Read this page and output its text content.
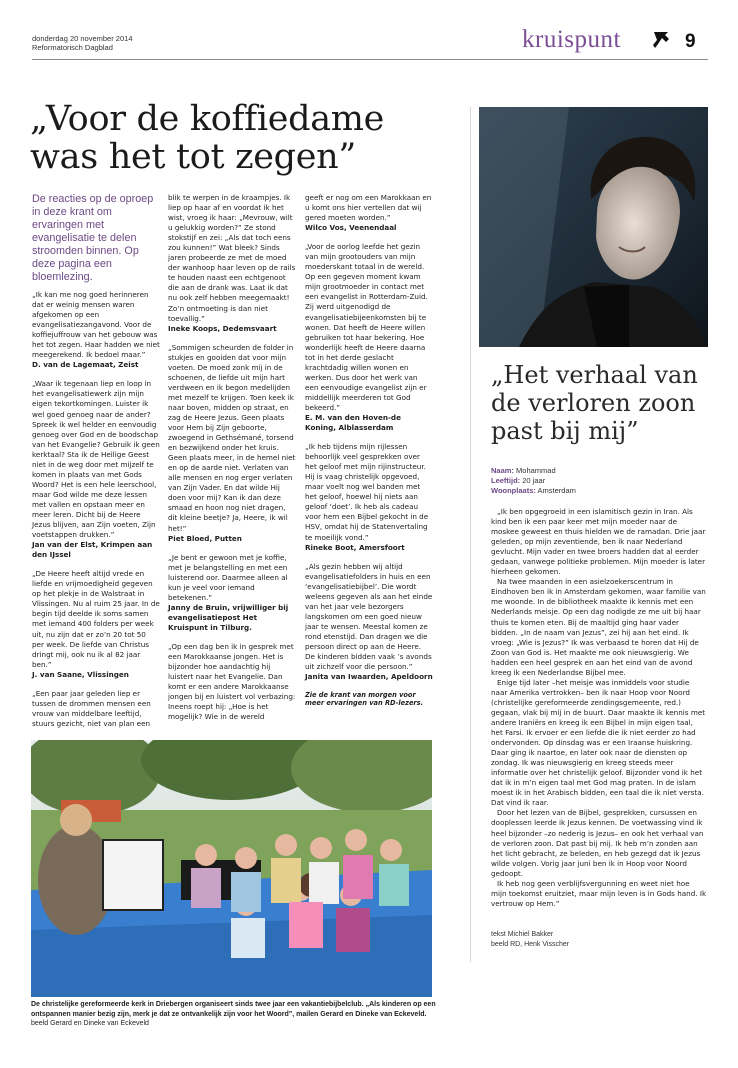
donderdag 20 november 2014
Reformatorisch Dagblad	kruispunt	9
„Voor de koffiedame was het tot zegen”
De reacties op de oproep in deze krant om ervaringen met evangelisatie te delen stroomden binnen. Op deze pagina een bloemlezing.

„Ik kan me nog goed herinneren dat er weinig mensen waren afgekomen op een evangelisatiezangavond. Voor de koffiejuffrouw van het gebouw was het tot zegen. Haar hadden we niet meegerekend. Ik bedoel maar.”
D. van de Lagemaat, Zeist

„Waar ik tegenaan liep en loop in het evangelisatiewerk zijn mijn eigen tekortkomingen. Luister ik wel goed genoeg naar de ander? Spreek ik wel helder en eenvoudig genoeg over God en de boodschap van het Evangelie? Gebruik ik geen kerktaal? Sta ik de Heilige Geest niet in de weg door met mijzelf te komen in plaats van met Gods Woord? Het is een hele leerschool, maar God wilde me deze lessen met vallen en opstaan meer en meer leren. Dicht bij de Heere Jezus blijven, aan Zijn voeten, Zijn voetstappen drukken.”
Jan van der Elst, Krimpen aan den IJssel

„De Heere heeft altijd vrede en liefde en vrijmoedigheid gegeven op het plekje in de Walstraat in Vlissingen. Nu al ruim 25 jaar. In de begin tijd deelde ik soms samen met iemand 400 folders per week uit, nu zijn dat er zo’n 20 tot 50 per week. De liefde van Christus dringt mij, ook nu ik al 82 jaar ben.”
J. van Saane, Vlissingen

„Een paar jaar geleden liep er tussen de drommen mensen een vrouw van middelbare leeftijd, stuurs gezicht, niet van plan een

blik te werpen in de kraampjes. Ik liep op haar af en voordat ik het wist, vroeg ik haar: „Mevrouw, wilt u gelukkig worden?” Ze stond stokstijf en zei: „Als dat toch eens zou kunnen!” Wat bleek? Sinds jaren probeerde ze met de moed der wanhoop haar leven op de rails te houden naast een echtgenoot die aan de drank was. Laat ik dat nu ook zelf hebben meegemaakt! Zo’n ontmoeting is dan niet toevallig.”
Ineke Koops, Dedemsvaart

„Sommigen scheurden de folder in stukjes en gooiden dat voor mijn voeten. De moed zonk mij in de schoenen, de liefde uit mijn hart verdween en ik begon medelijden met mezelf te krijgen. Toen keek ik naar boven, midden op straat, en zag de Heere Jezus. Geen plaats voor Hem bij Zijn geboorte, zwoegend in Gethsémané, torsend en bezwijkend onder het kruis. Geen plaats meer, in de hemel niet en op de aarde niet. Verlaten van alle mensen en nog erger verlaten van Zijn Vader. En dat wilde Hij doen voor mij? Kan ik dan deze smaad en hoon nog niet dragen, dit kleine beetje? Ja, Heere, ik wil het!”
Piet Bloed, Putten

„Je bent er gewoon met je koffie, met je belangstelling en met een luisterend oor. Daarmee alleen al kun je veel voor iemand betekenen.”
Janny de Bruin, vrijwilliger bij evangelisatiepost Het Kruispunt in Tilburg.

„Op een dag ben ik in gesprek met een Marokkaanse jongen. Het is bijzonder hoe aandachtig hij luistert naar het Evangelie. Dan komt er een andere Marokkaanse jongen bij en luistert vol verbazing: Ineens roept hij: „Hoe is het mogelijk? Wie in de wereld

geeft er nog om een Marokkaan en u komt ons hier vertellen dat wij gered moeten worden.”
Wilco Vos, Veenendaal

„Voor de oorlog leefde het gezin van mijn grootouders van mijn moederskant totaal in de wereld. Op een gegeven moment kwam mijn grootmoeder in contact met een evangelist in Rotterdam-Zuid. Zij werd uitgenodigd de evangelisatiebijeenkomsten bij te wonen. Dat heeft de Heere willen gebruiken tot haar bekering. Hoe wonderlijk heeft de Heere daarna tot in het derde geslacht krachtdadig willen wonen en werken. Dus door het werk van een eenvoudige evangelist zijn er middellijk meerderen tot God bekeerd.”
E. M. van den Hoven-de Koning, Alblasserdam

„Ik heb tijdens mijn rijlessen behoorlijk veel gesprekken over het geloof met mijn rijinstructeur. Hij is vaag christelijk opgevoed, maar voelt nog wel banden met het geloof, hoewel hij niets aan geloof ‘doet’. Ik heb als cadeau voor hem een Bijbel gekocht in de HSV, omdat hij de Statenvertaling te moeilijk vond.”
Rineke Boot, Amersfoort

„Als gezin hebben wij altijd evangelisatiefolders in huis en een ‘evangelisatiebijbel’. Die wordt weleens gegeven als aan het einde van het jaar vele bezorgers langskomen om een goed nieuw jaar te wensen. Meestal komen ze rond etenstijd. Dan dragen we die persoon direct op aan de Heere. De kinderen bidden vaak ’s avonds uit zichzelf voor die persoon.”
Janita van Iwaarden, Apeldoorn

Zie de krant van morgen voor meer ervaringen van RD-lezers.
„Het verhaal van de verloren zoon past bij mij”
Naam: Mohammad
Leeftijd: 20 jaar
Woonplaats: Amsterdam

„Ik ben opgegroeid in een islamitisch gezin in Iran. Als kind ben ik een paar keer met mijn moeder naar de moskee geweest en thuis hielden we de ramadan. Drie jaar geleden, op mijn zeventiende, ben ik naar Nederland gevlucht. Mijn vader en twee broers hadden dat al eerder gedaan, vanwege politieke problemen. Mijn moeder is later hierheen gekomen.

Na twee maanden in een asielzoekerscentrum in Eindhoven ben ik in Amsterdam gekomen, waar familie van me woonde. In de bibliotheek maakte ik kennis met een Nederlands meisje. Op een dag nodigde ze me uit bij haar thuis te komen eten. Bij de maaltijd ging haar vader bidden. „In de naam van Jezus”, zei hij aan het eind. Ik vroeg: „Wie is Jezus?” Ik was verbaasd te horen dat Hij de Zoon van God is. Het maakte me ook nieuwsgierig. We hadden een heel gesprek en aan het eind van de avond kreeg ik een Nederlandse Bijbel mee.

Enige tijd later –het meisje was inmiddels voor studie naar Amerika vertrokken– ben ik naar Hoop voor Noord (christelijke gereformeerde zendingsgemeente, red.) gegaan, vlak bij mij in de buurt. Daar maakte ik kennis met andere Iraniërs en kreeg ik een Bijbel in mijn eigen taal, het Farsi. Ik ervoer er een liefde die ik niet eerder zo had ondervonden. Op dinsdag was er een Iraanse huiskring. Daar ging ik naartoe, en later ook naar de diensten op zondag. Ik was nieuwsgierig en kreeg steeds meer informatie over het christelijk geloof. Bijzonder vond ik het dat ik in m’n eigen taal met God mag praten. In de islam moest ik in het Arabisch bidden, een taal die ik niet versta. Dat vind ik raar.

Door het lezen van de Bijbel, gesprekken, cursussen en dooplessen leerde ik Jezus kennen. De voetwassing vind ik heel bijzonder –zo nederig is Jezus– en ook het verhaal van de verloren zoon. Dat past bij mij. Ik heb m’n zonden aan het licht gebracht, ze beleden, en heb gezegd dat ik Jezus wilde volgen. Vorig jaar juni ben ik in Hoop voor Noord gedoopt.

Ik heb nog geen verblijfsvergunning en weet niet hoe mijn toekomst eruitziet, maar mijn leven is in Gods hand. Ik vertrouw op Hem.”

tekst Michiel Bakker
beeld RD, Henk Visscher
De christelijke gereformeerde kerk in Driebergen organiseert sinds twee jaar een vakantiebijbelclub. „Als kinderen op een ontspannen manier bezig zijn, merk je dat ze ontvankelijk zijn voor het Woord”, mailen Gerard en Dineke van Eckeveld. beeld Gerard en Dineke van Eckeveld
